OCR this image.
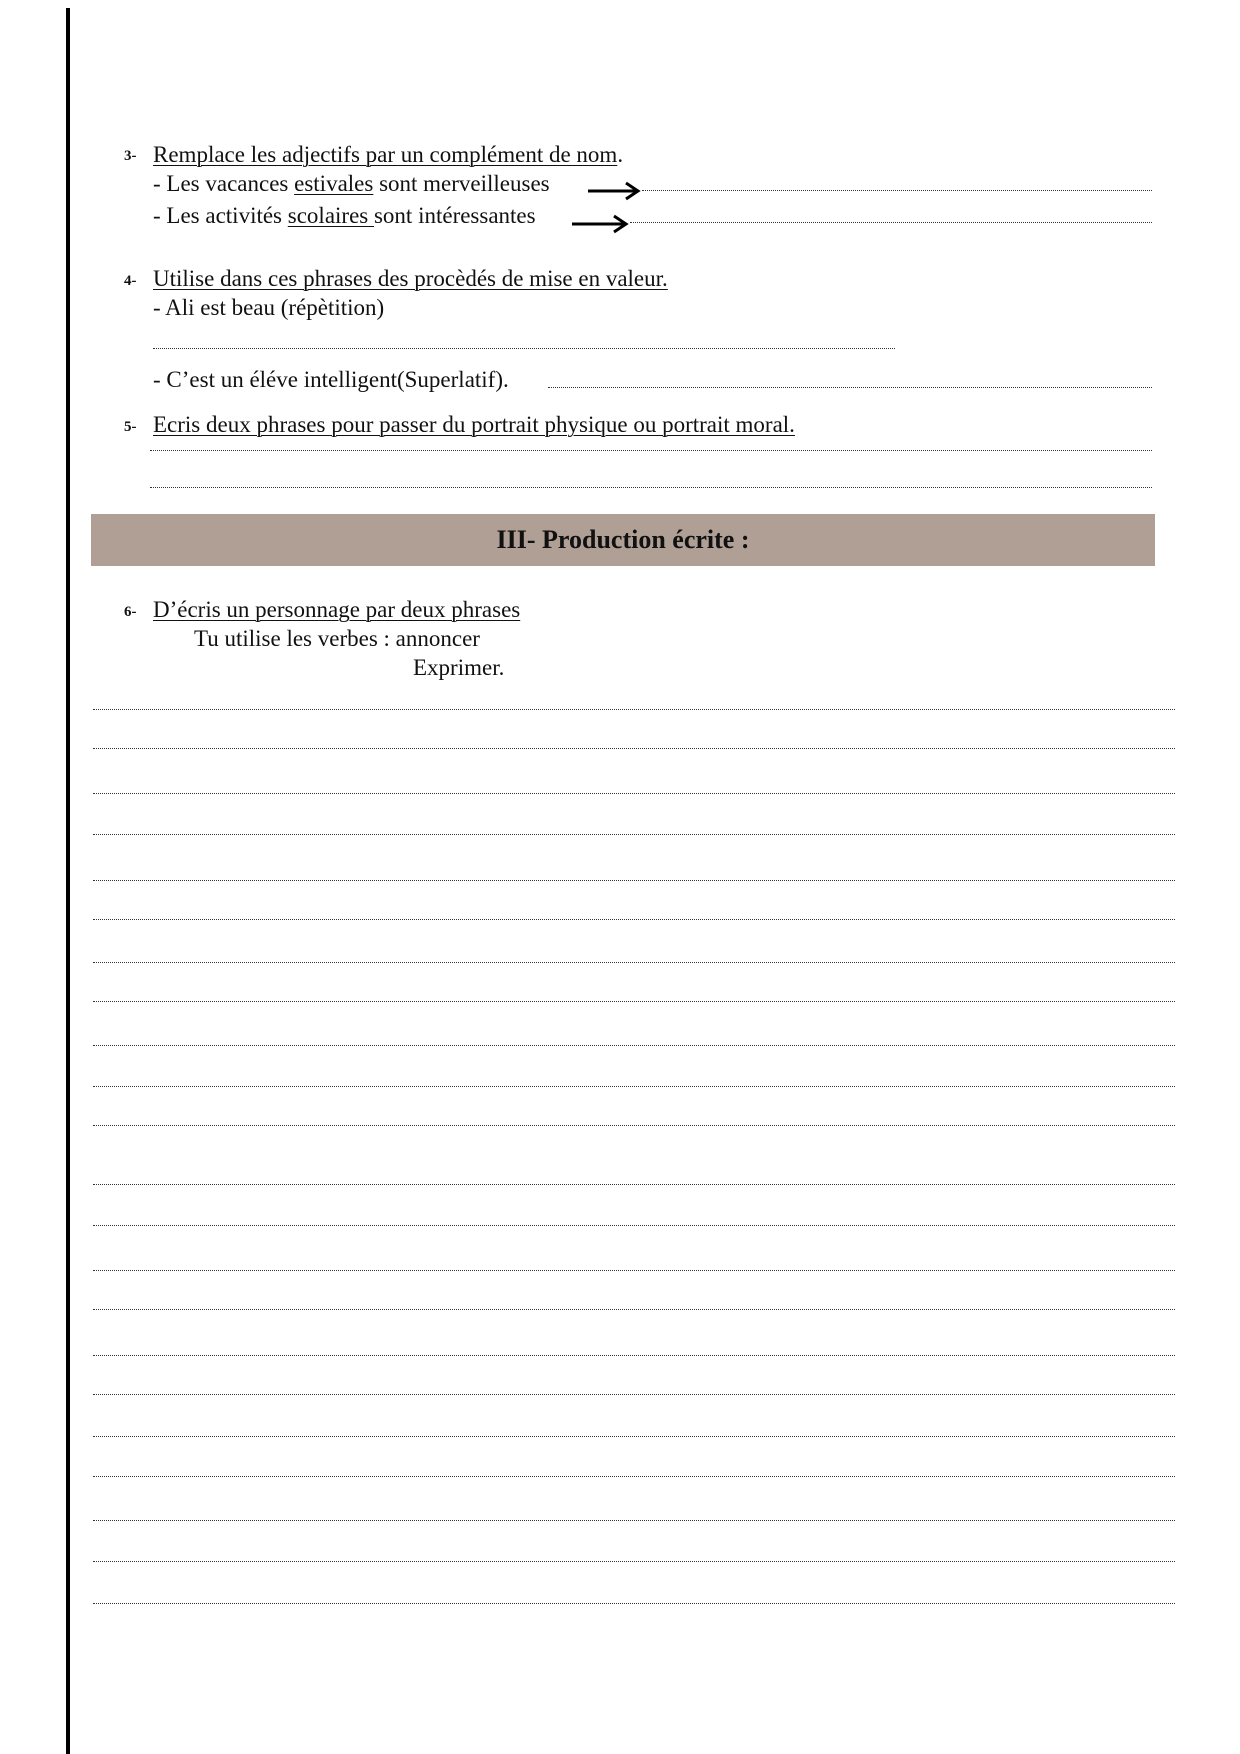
3- Remplace les adjectifs par un complément de nom.
- Les vacances estivales sont merveilleuses
- Les activités scolaires sont intéressantes
4- Utilise dans ces phrases des procèdés de mise en valeur.
- Ali est beau (répètition)
- C’est un éléve intelligent(Superlatif).
5- Ecris deux phrases pour passer du portrait physique ou portrait moral.
III- Production écrite :
6- D’écris un personnage par deux phrases
Tu utilise les verbes : annoncer
Exprimer.
